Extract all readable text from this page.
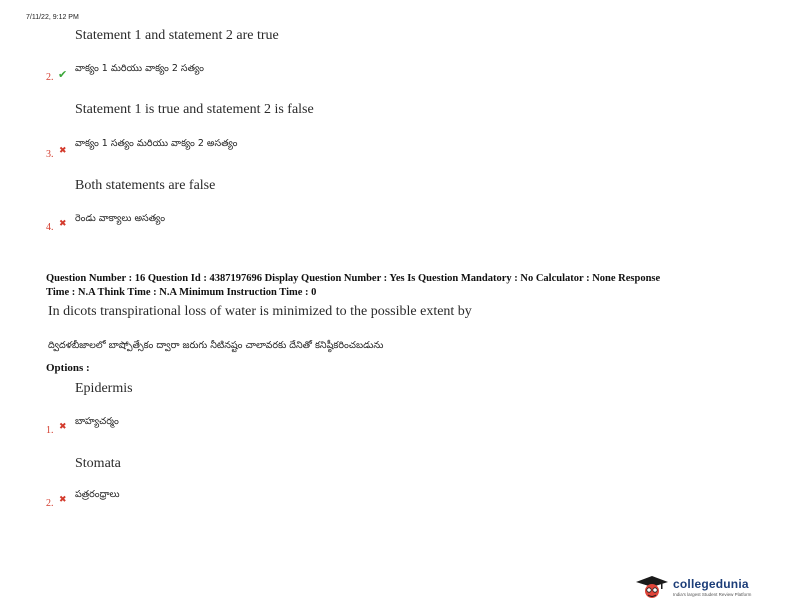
7/11/22, 9:12 PM
Statement 1 and statement 2 are true
2. ✔ వాక్యం 1 మరియు వాక్యం 2 సత్యం
Statement 1 is true and statement 2 is false
3. ✖
వాక్యం 1 సత్యం మరియు వాక్యం 2 అసత్యం
Both statements are false
4. ✖ రెండు వాక్యాలు అసత్యం
Question Number : 16 Question Id : 4387197696 Display Question Number : Yes Is Question Mandatory : No Calculator : None Response
Time : N.A Think Time : N.A Minimum Instruction Time : 0
In dicots transpirational loss of water is minimized to the possible extent by
ద్విదళబీజాలలో బాష్పోత్సేకం ద్వారా జరుగు నీటినష్టం చాలావరకు దేనితో కనిష్ఠీకరించబడును
Options :
Epidermis
1. ✖ బాహ్యచర్మం
Stomata
2. ✖ పత్రరంధ్రాలు
collegedunia
India's largest Student Review Platform
